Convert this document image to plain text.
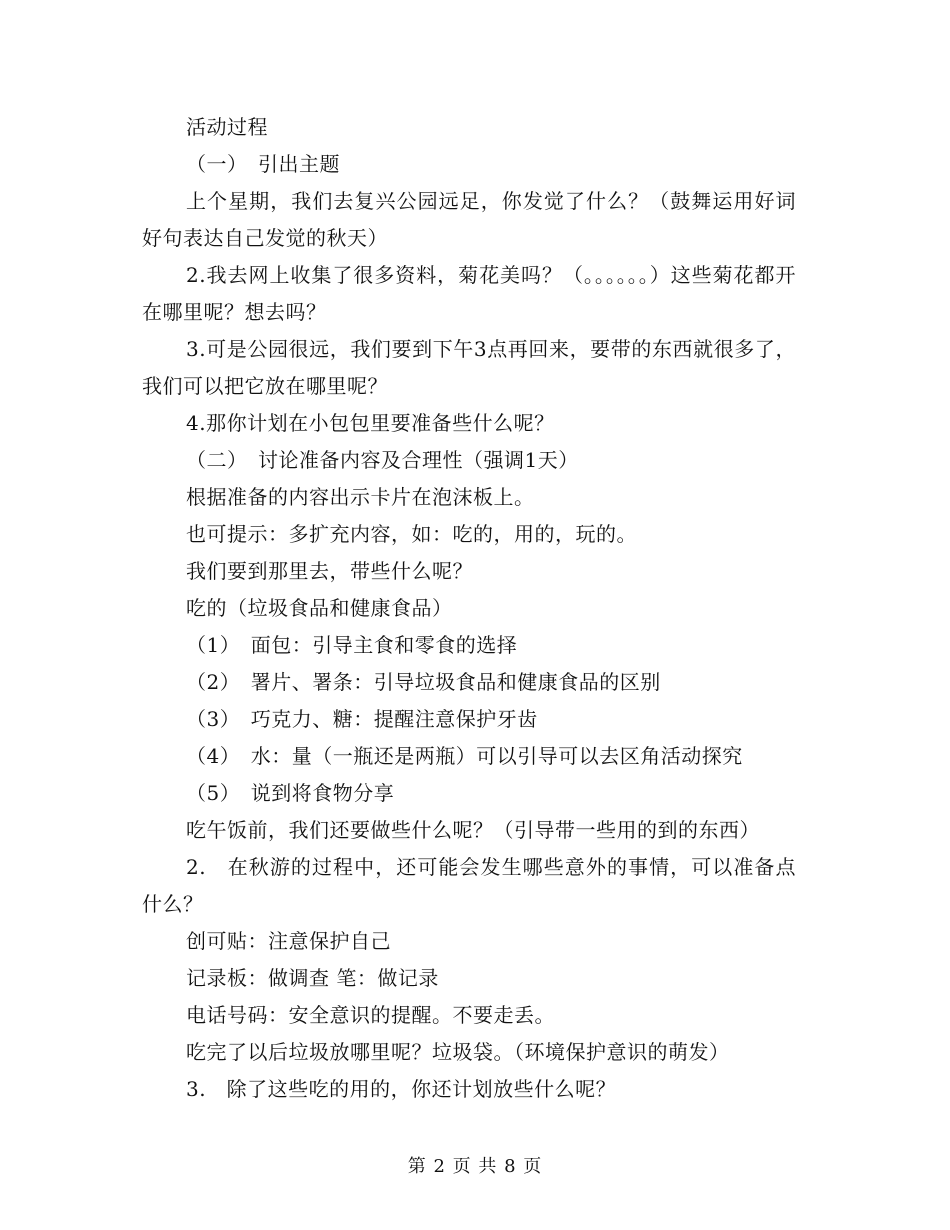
活动过程

（一）　引出主题

上个星期，我们去复兴公园远足，你发觉了什么？（鼓舞运用好词好句表达自己发觉的秋天）

2.我去网上收集了很多资料，菊花美吗？（。。。。。。）这些菊花都开在哪里呢？想去吗？

3.可是公园很远，我们要到下午3点再回来，要带的东西就很多了，我们可以把它放在哪里呢？

4.那你计划在小包包里要准备些什么呢？

（二）　讨论准备内容及合理性（强调1天）

根据准备的内容出示卡片在泡沫板上。

也可提示：多扩充内容，如：吃的，用的，玩的。

我们要到那里去，带些什么呢？

吃的（垃圾食品和健康食品）

（1）　面包：引导主食和零食的选择

（2）　署片、署条：引导垃圾食品和健康食品的区别

（3）　巧克力、糖：提醒注意保护牙齿

（4）　水：量（一瓶还是两瓶）可以引导可以去区角活动探究

（5）　说到将食物分享

吃午饭前，我们还要做些什么呢？（引导带一些用的到的东西）

2.　在秋游的过程中，还可能会发生哪些意外的事情，可以准备点什么？

创可贴：注意保护自己

记录板：做调查 笔：做记录

电话号码：安全意识的提醒。不要走丢。

吃完了以后垃圾放哪里呢？垃圾袋。（环境保护意识的萌发）

3.　除了这些吃的用的，你还计划放些什么呢？

第 2 页 共 8 页
